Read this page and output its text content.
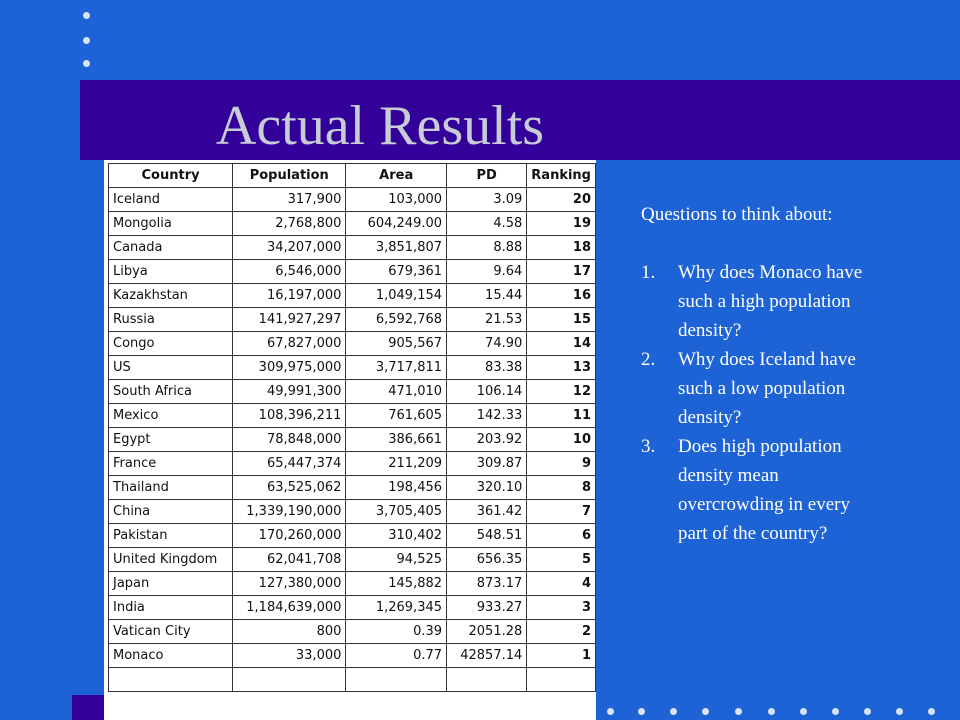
Actual Results
Country	Population	Area	PD	Ranking
Iceland	317,900	103,000	3.09	20
Mongolia	2,768,800	604,249.00	4.58	19
Canada	34,207,000	3,851,807	8.88	18
Libya	6,546,000	679,361	9.64	17
Kazakhstan	16,197,000	1,049,154	15.44	16
Russia	141,927,297	6,592,768	21.53	15
Congo	67,827,000	905,567	74.90	14
US	309,975,000	3,717,811	83.38	13
South Africa	49,991,300	471,010	106.14	12
Mexico	108,396,211	761,605	142.33	11
Egypt	78,848,000	386,661	203.92	10
France	65,447,374	211,209	309.87	9
Thailand	63,525,062	198,456	320.10	8
China	1,339,190,000	3,705,405	361.42	7
Pakistan	170,260,000	310,402	548.51	6
United Kingdom	62,041,708	94,525	656.35	5
Japan	127,380,000	145,882	873.17	4
India	1,184,639,000	1,269,345	933.27	3
Vatican City	800	0.39	2051.28	2
Monaco	33,000	0.77	42857.14	1

Questions to think about:

1. Why does Monaco have such a high population density?
2. Why does Iceland have such a low population density?
3. Does high population density mean overcrowding in every part of the country?
